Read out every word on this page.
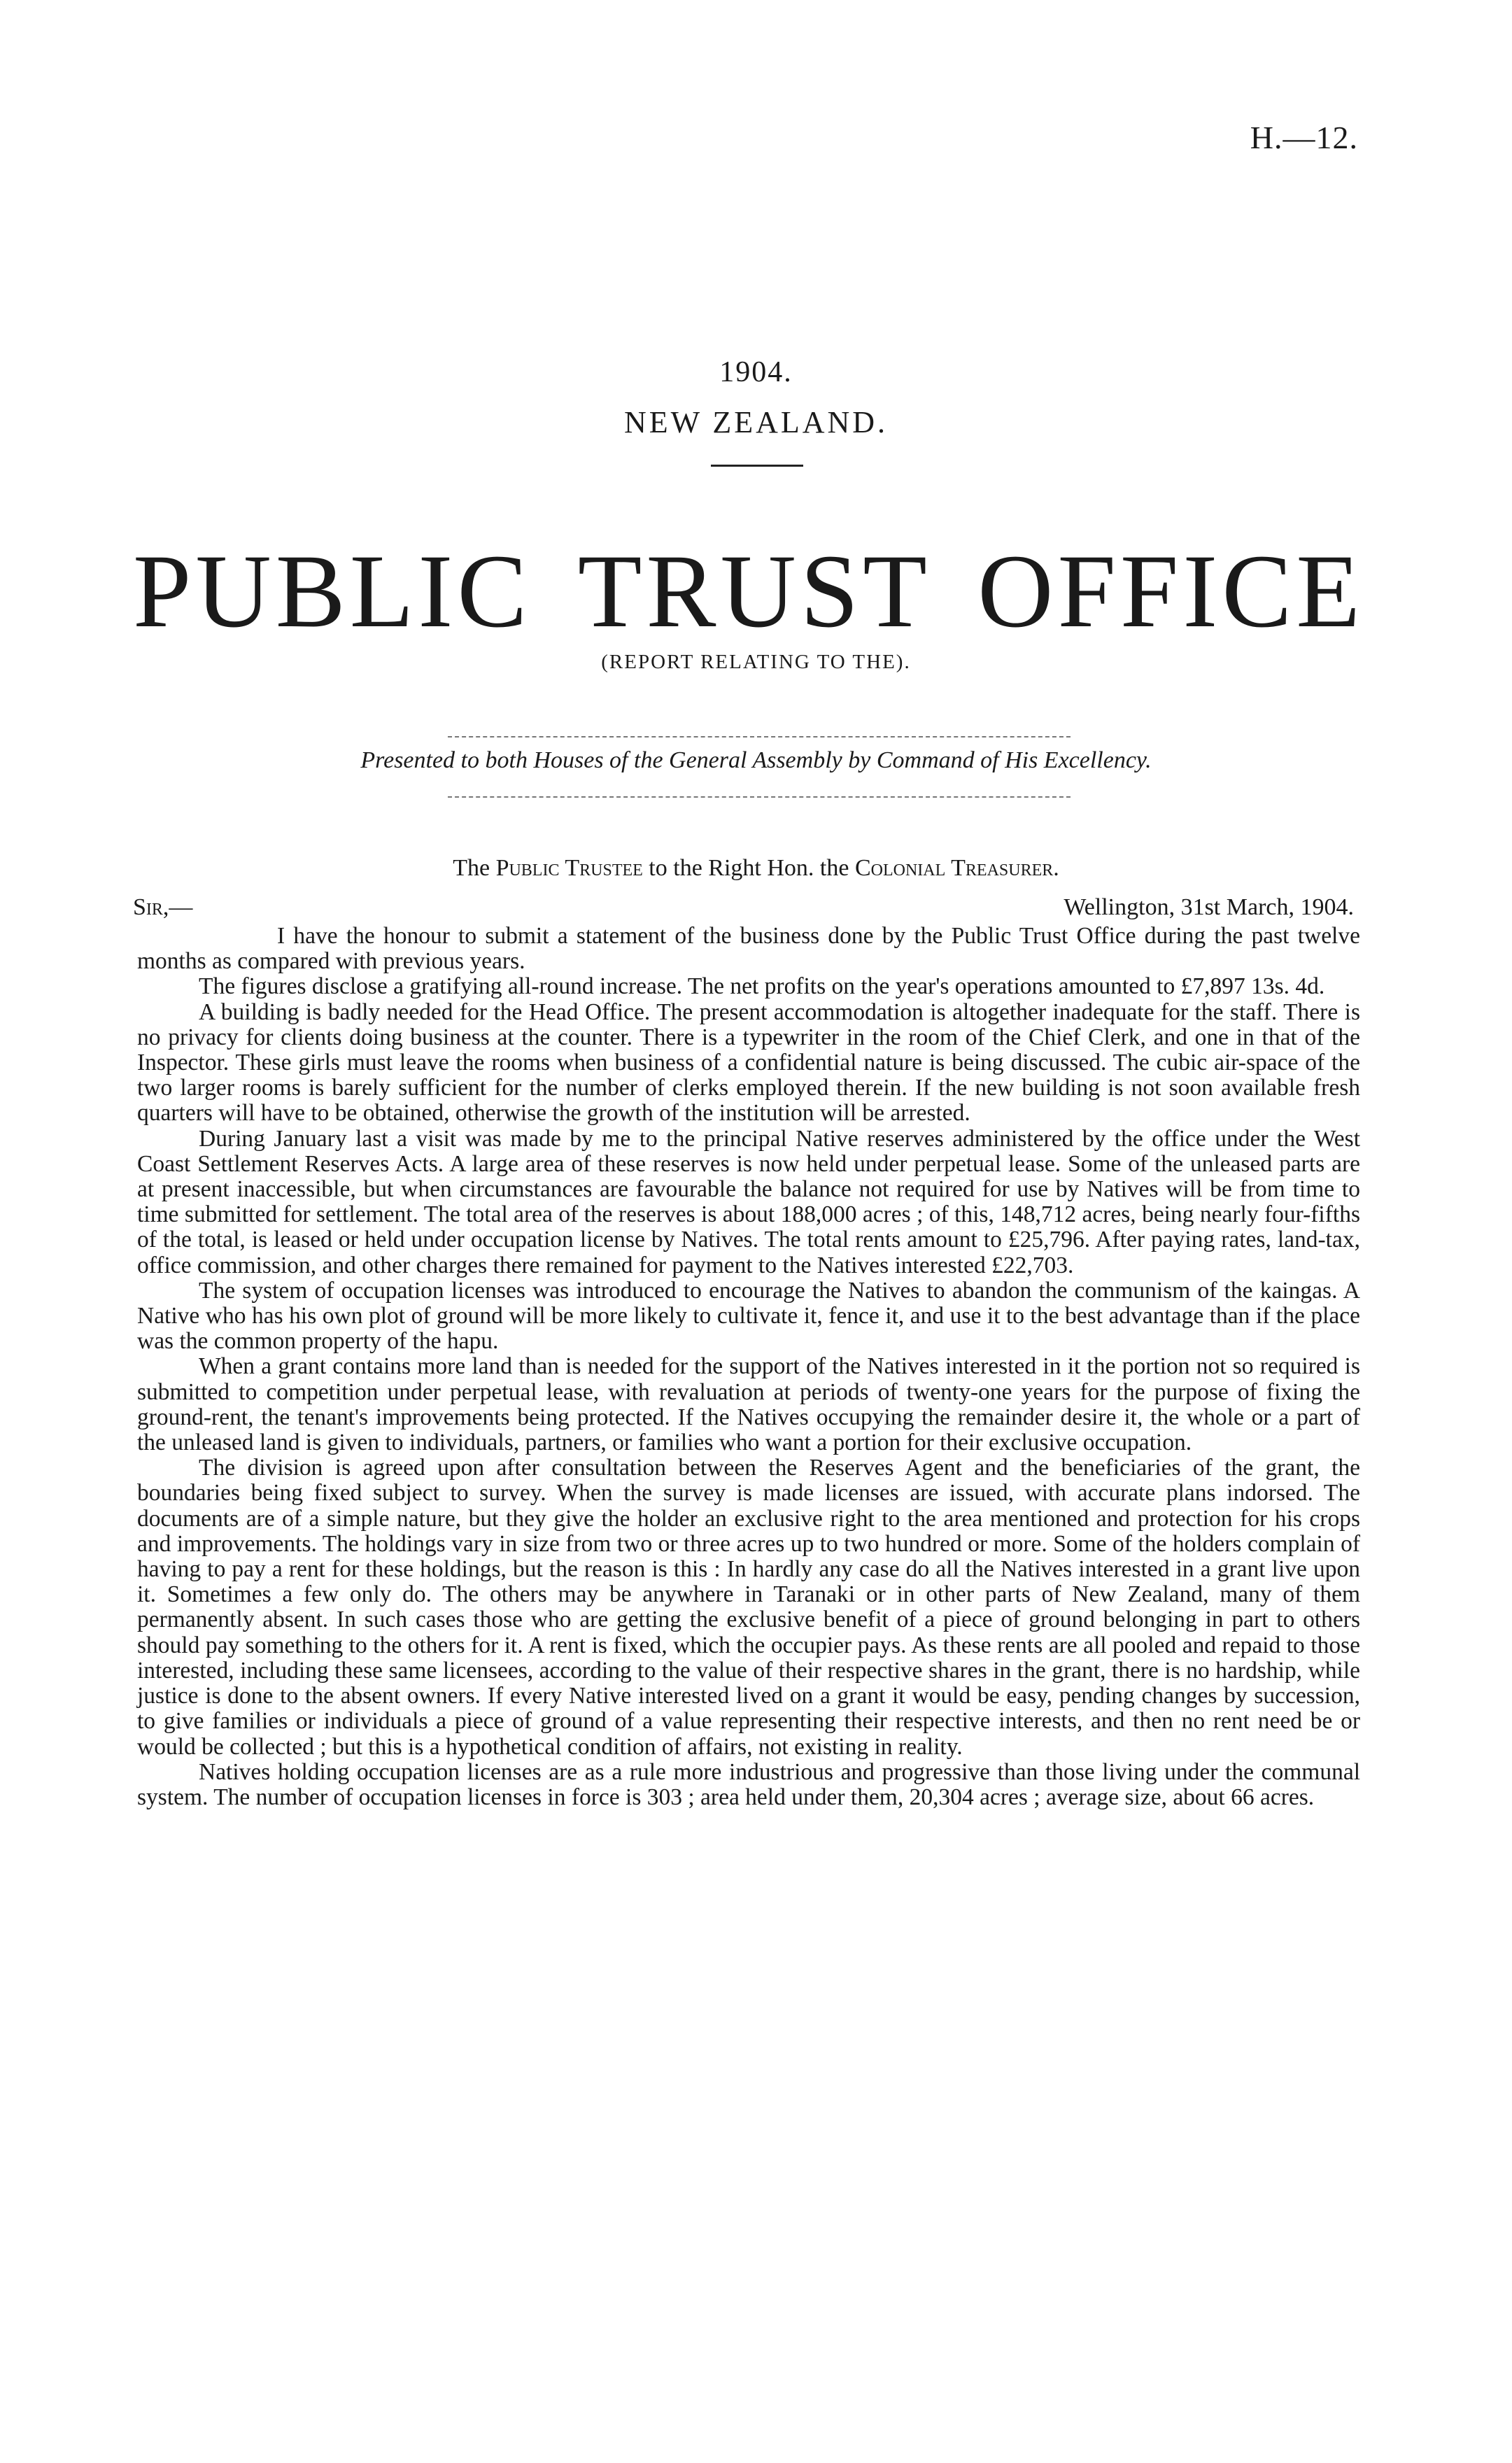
H.—12.
1904.
NEW ZEALAND.
PUBLIC TRUST OFFICE
(REPORT RELATING TO THE).
Presented to both Houses of the General Assembly by Command of His Excellency.
The Public Trustee to the Right Hon. the Colonial Treasurer.
Sir,—	Wellington, 31st March, 1904.

I have the honour to submit a statement of the business done by the Public Trust Office during the past twelve months as compared with previous years.

The figures disclose a gratifying all-round increase. The net profits on the year's operations amounted to £7,897 13s. 4d.

A building is badly needed for the Head Office. The present accommodation is altogether inadequate for the staff. There is no privacy for clients doing business at the counter. There is a typewriter in the room of the Chief Clerk, and one in that of the Inspector. These girls must leave the rooms when business of a confidential nature is being discussed. The cubic air-space of the two larger rooms is barely sufficient for the number of clerks employed therein. If the new building is not soon available fresh quarters will have to be obtained, otherwise the growth of the institution will be arrested.

During January last a visit was made by me to the principal Native reserves administered by the office under the West Coast Settlement Reserves Acts. A large area of these reserves is now held under perpetual lease. Some of the unleased parts are at present inaccessible, but when circumstances are favourable the balance not required for use by Natives will be from time to time submitted for settlement. The total area of the reserves is about 188,000 acres ; of this, 148,712 acres, being nearly four-fifths of the total, is leased or held under occupation license by Natives. The total rents amount to £25,796. After paying rates, land-tax, office commission, and other charges there remained for payment to the Natives interested £22,703.

The system of occupation licenses was introduced to encourage the Natives to abandon the communism of the kaingas. A Native who has his own plot of ground will be more likely to cultivate it, fence it, and use it to the best advantage than if the place was the common property of the hapu.

When a grant contains more land than is needed for the support of the Natives interested in it the portion not so required is submitted to competition under perpetual lease, with revaluation at periods of twenty-one years for the purpose of fixing the ground-rent, the tenant's improvements being protected. If the Natives occupying the remainder desire it, the whole or a part of the unleased land is given to individuals, partners, or families who want a portion for their exclusive occupation.

The division is agreed upon after consultation between the Reserves Agent and the beneficiaries of the grant, the boundaries being fixed subject to survey. When the survey is made licenses are issued, with accurate plans indorsed. The documents are of a simple nature, but they give the holder an exclusive right to the area mentioned and protection for his crops and improvements. The holdings vary in size from two or three acres up to two hundred or more. Some of the holders complain of having to pay a rent for these holdings, but the reason is this : In hardly any case do all the Natives interested in a grant live upon it. Sometimes a few only do. The others may be anywhere in Taranaki or in other parts of New Zealand, many of them permanently absent. In such cases those who are getting the exclusive benefit of a piece of ground belonging in part to others should pay something to the others for it. A rent is fixed, which the occupier pays. As these rents are all pooled and repaid to those interested, including these same licensees, according to the value of their respective shares in the grant, there is no hardship, while justice is done to the absent owners. If every Native interested lived on a grant it would be easy, pending changes by succession, to give families or individuals a piece of ground of a value representing their respective interests, and then no rent need be or would be collected ; but this is a hypothetical condition of affairs, not existing in reality.

Natives holding occupation licenses are as a rule more industrious and progressive than those living under the communal system. The number of occupation licenses in force is 303 ; area held under them, 20,304 acres ; average size, about 66 acres.
